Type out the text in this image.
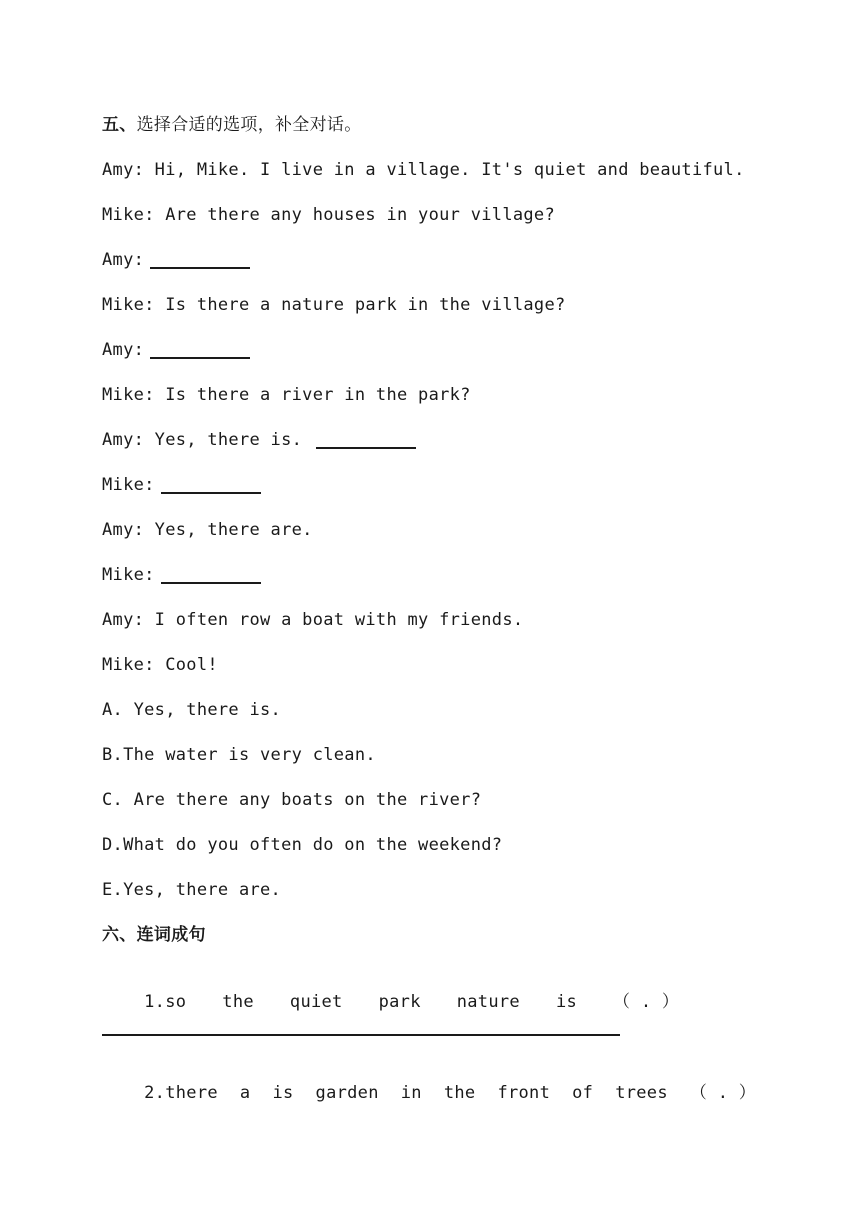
五、选择合适的选项，补全对话。
Amy: Hi, Mike. I live in a village. It's quiet and beautiful.
Mike: Are there any houses in your village?
Amy:
Mike: Is there a nature park in the village?
Amy:
Mike: Is there a river in the park?
Amy: Yes, there is.
Mike:
Amy: Yes, there are.
Mike:
Amy: I often row a boat with my friends.
Mike: Cool!
A. Yes, there is.
B.The water is very clean.
C. Are there any boats on the river?
D.What do you often do on the weekend?
E.Yes, there are.
六、连词成句

1. so the quiet park nature is （ . ）

2. there a is garden in the front of trees （ . ）
